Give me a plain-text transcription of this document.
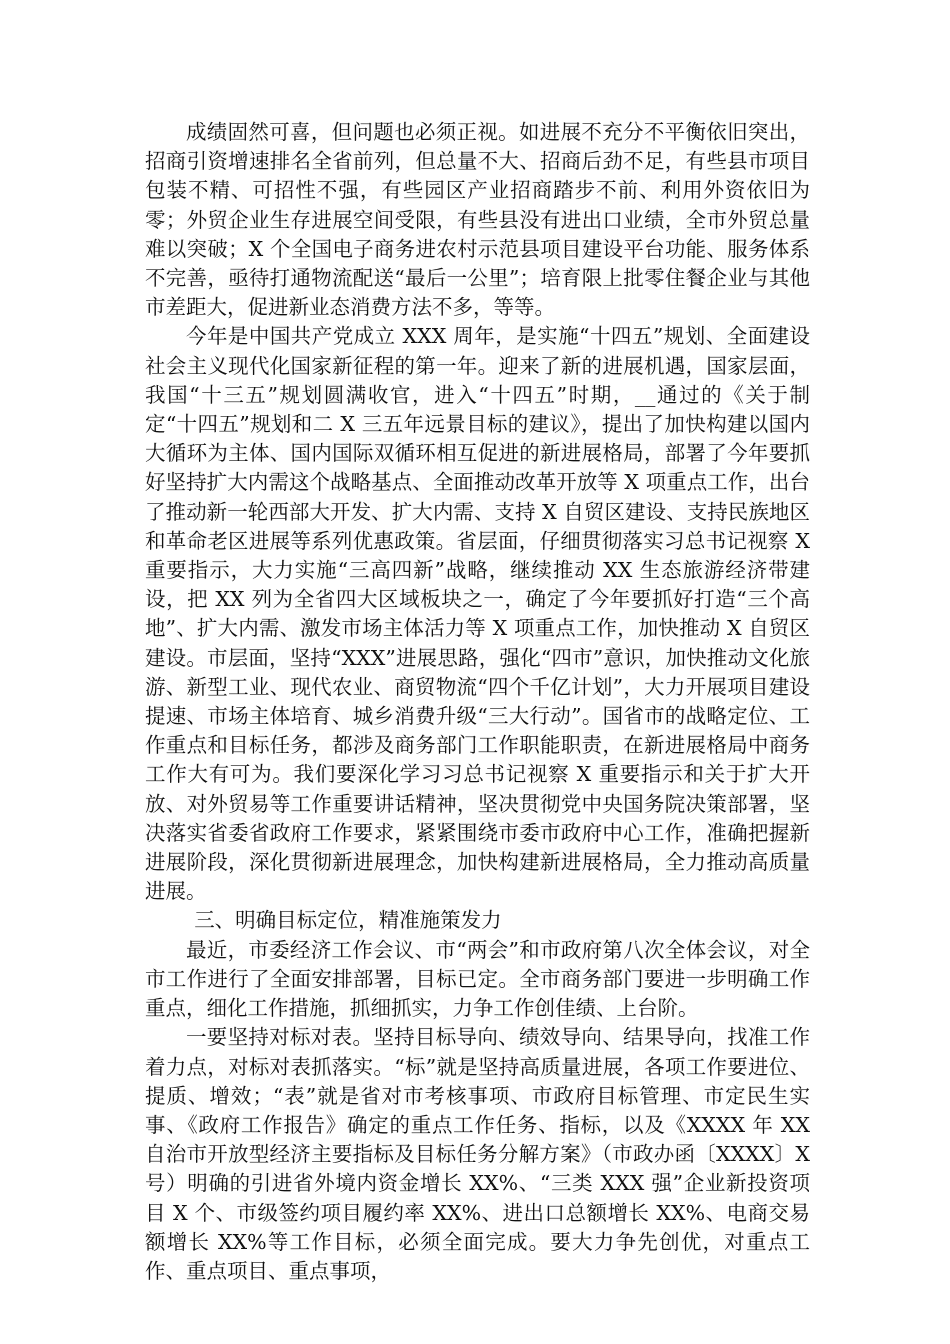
成绩固然可喜，但问题也必须正视。如进展不充分不平衡依旧突出，招商引资增速排名全省前列，但总量不大、招商后劲不足，有些县市项目包装不精、可招性不强，有些园区产业招商踏步不前、利用外资依旧为零；外贸企业生存进展空间受限，有些县没有进出口业绩，全市外贸总量难以突破；X 个全国电子商务进农村示范县项目建设平台功能、服务体系不完善，亟待打通物流配送“最后一公里”；培育限上批零住餐企业与其他市差距大，促进新业态消费方法不多，等等。

今年是中国共产党成立 XXX 周年，是实施“十四五”规划、全面建设社会主义现代化国家新征程的第一年。迎来了新的进展机遇，国家层面，我国“十三五”规划圆满收官，进入“十四五”时期，__通过的《关于制定“十四五”规划和二 X 三五年远景目标的建议》，提出了加快构建以国内大循环为主体、国内国际双循环相互促进的新进展格局，部署了今年要抓好坚持扩大内需这个战略基点、全面推动改革开放等 X 项重点工作，出台了推动新一轮西部大开发、扩大内需、支持 X 自贸区建设、支持民族地区和革命老区进展等系列优惠政策。省层面，仔细贯彻落实习总书记视察 X 重要指示，大力实施“三高四新”战略，继续推动 XX 生态旅游经济带建设，把 XX 列为全省四大区域板块之一，确定了今年要抓好打造“三个高地”、扩大内需、激发市场主体活力等 X 项重点工作，加快推动 X 自贸区建设。市层面，坚持“XXX”进展思路，强化“四市”意识，加快推动文化旅游、新型工业、现代农业、商贸物流“四个千亿计划”，大力开展项目建设提速、市场主体培育、城乡消费升级“三大行动”。国省市的战略定位、工作重点和目标任务，都涉及商务部门工作职能职责，在新进展格局中商务工作大有可为。我们要深化学习习总书记视察 X 重要指示和关于扩大开放、对外贸易等工作重要讲话精神，坚决贯彻党中央国务院决策部署，坚决落实省委省政府工作要求，紧紧围绕市委市政府中心工作，准确把握新进展阶段，深化贯彻新进展理念，加快构建新进展格局，全力推动高质量进展。

三、明确目标定位，精准施策发力

最近，市委经济工作会议、市“两会”和市政府第八次全体会议，对全市工作进行了全面安排部署，目标已定。全市商务部门要进一步明确工作重点，细化工作措施，抓细抓实，力争工作创佳绩、上台阶。

一要坚持对标对表。坚持目标导向、绩效导向、结果导向，找准工作着力点，对标对表抓落实。“标”就是坚持高质量进展，各项工作要进位、提质、增效；“表”就是省对市考核事项、市政府目标管理、市定民生实事、《政府工作报告》确定的重点工作任务、指标，以及《XXXX 年 XX 自治市开放型经济主要指标及目标任务分解方案》（市政办函〔XXXX〕X 号）明确的引进省外境内资金增长 XX%、“三类 XXX 强”企业新投资项目 X 个、市级签约项目履约率 XX%、进出口总额增长 XX%、电商交易额增长 XX%等工作目标，必须全面完成。要大力争先创优，对重点工作、重点项目、重点事项，
